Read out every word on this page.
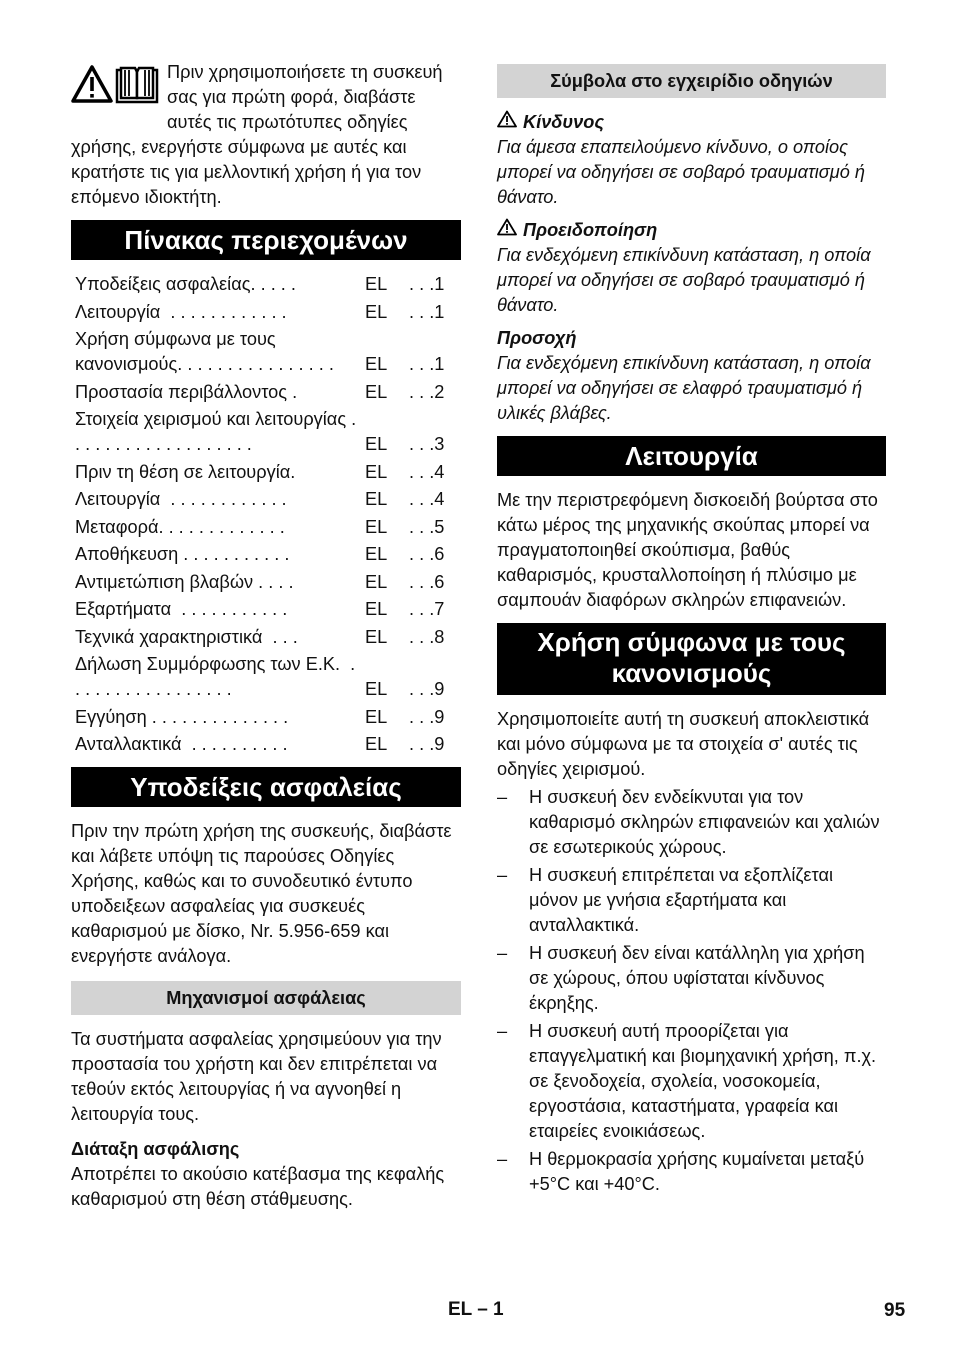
Πριν χρησιμοποιήσετε τη συσκευή σας για πρώτη φορά, διαβάστε αυτές τις πρωτότυπες οδηγίες χρήσης, ενεργήστε σύμφωνα με αυτές και κρατήστε τις για μελλοντική χρήση ή για τον επόμενο ιδιοκτήτη.

Πίνακας περιεχομένων
Υποδείξεις ασφαλείας. . . . .	EL	. . .1
Λειτουργία  . . . . . . . . . . . .	EL	. . .1
Χρήση σύμφωνα με τους κανονισμούς. . . . . . . . . . . . . . . .	EL	. . .1
Προστασία περιβάλλοντος .	EL	. . .2
Στοιχεία χειρισμού και λειτουργίας . . . . . . . . . . . . . . . . . . .	EL	. . .3
Πριν τη θέση σε λειτουργία.	EL	. . .4
Λειτουργία  . . . . . . . . . . . .	EL	. . .4
Μεταφορά. . . . . . . . . . . . .	EL	. . .5
Αποθήκευση . . . . . . . . . . .	EL	. . .6
Αντιμετώπιση βλαβών . . . .	EL	. . .6
Εξαρτήματα  . . . . . . . . . . .	EL	. . .7
Τεχνικά χαρακτηριστικά  . . .	EL	. . .8
Δήλωση Συμμόρφωσης των Ε.Κ.  . . . . . . . . . . . . . . . . .	EL	. . .9
Εγγύηση . . . . . . . . . . . . . .	EL	. . .9
Ανταλλακτικά  . . . . . . . . . .	EL	. . .9
Υποδείξεις ασφαλείας

Πριν την πρώτη χρήση της συσκευής, διαβάστε και λάβετε υπόψη τις παρούσες Οδηγίες Χρήσης, καθώς και το συνοδευτικό έντυπο υποδειξεων ασφαλείας για συσκευές καθαρισμού με δίσκο, Nr. 5.956-659 και ενεργήστε ανάλογα.

Μηχανισμοί ασφάλειας

Τα συστήματα ασφαλείας χρησιμεύουν για την προστασία του χρήστη και δεν επιτρέπεται να τεθούν εκτός λειτουργίας ή να αγνοηθεί η λειτουργία τους.

Διάταξη ασφάλισης

Αποτρέπει το ακούσιο κατέβασμα της κεφαλής καθαρισμού στη θέση στάθμευσης.

Σύμβολα στο εγχειρίδιο οδηγιών

Κίνδυνος

Για άμεσα επαπειλούμενο κίνδυνο, ο οποίος μπορεί να οδηγήσει σε σοβαρό τραυματισμό ή θάνατο.

Προειδοποίηση

Για ενδεχόμενη επικίνδυνη κατάσταση, η οποία μπορεί να οδηγήσει σε σοβαρό τραυματισμό ή θάνατο.

Προσοχή

Για ενδεχόμενη επικίνδυνη κατάσταση, η οποία μπορεί να οδηγήσει σε ελαφρό τραυματισμό ή υλικές βλάβες.

Λειτουργία

Με την περιστρεφόμενη δισκοειδή βούρτσα στο κάτω μέρος της μηχανικής σκούπας μπορεί να πραγματοποιηθεί σκούπισμα, βαθύς καθαρισμός, κρυσταλλοποίηση ή πλύσιμο με σαμπουάν διαφόρων σκληρών επιφανειών.

Χρήση σύμφωνα με τους
κανονισμούς

Χρησιμοποιείτε αυτή τη συσκευή αποκλειστικά και μόνο σύμφωνα με τα στοιχεία σ' αυτές τις οδηγίες χειρισμού.

– Η συσκευή δεν ενδείκνυται για τον καθαρισμό σκληρών επιφανειών και χαλιών σε εσωτερικούς χώρους.
– Η συσκευή επιτρέπεται να εξοπλίζεται μόνον με γνήσια εξαρτήματα και ανταλλακτικά.
– Η συσκευή δεν είναι κατάλληλη για χρήση σε χώρους, όπου υφίσταται κίνδυνος έκρηξης.
– Η συσκευή αυτή προορίζεται για επαγγελματική και βιομηχανική χρήση, π.χ. σε ξενοδοχεία, σχολεία, νοσοκομεία, εργοστάσια, καταστήματα, γραφεία και εταιρείες ενοικιάσεως.
– Η θερμοκρασία χρήσης κυμαίνεται μεταξύ +5°C και +40°C.
EL – 1	95
